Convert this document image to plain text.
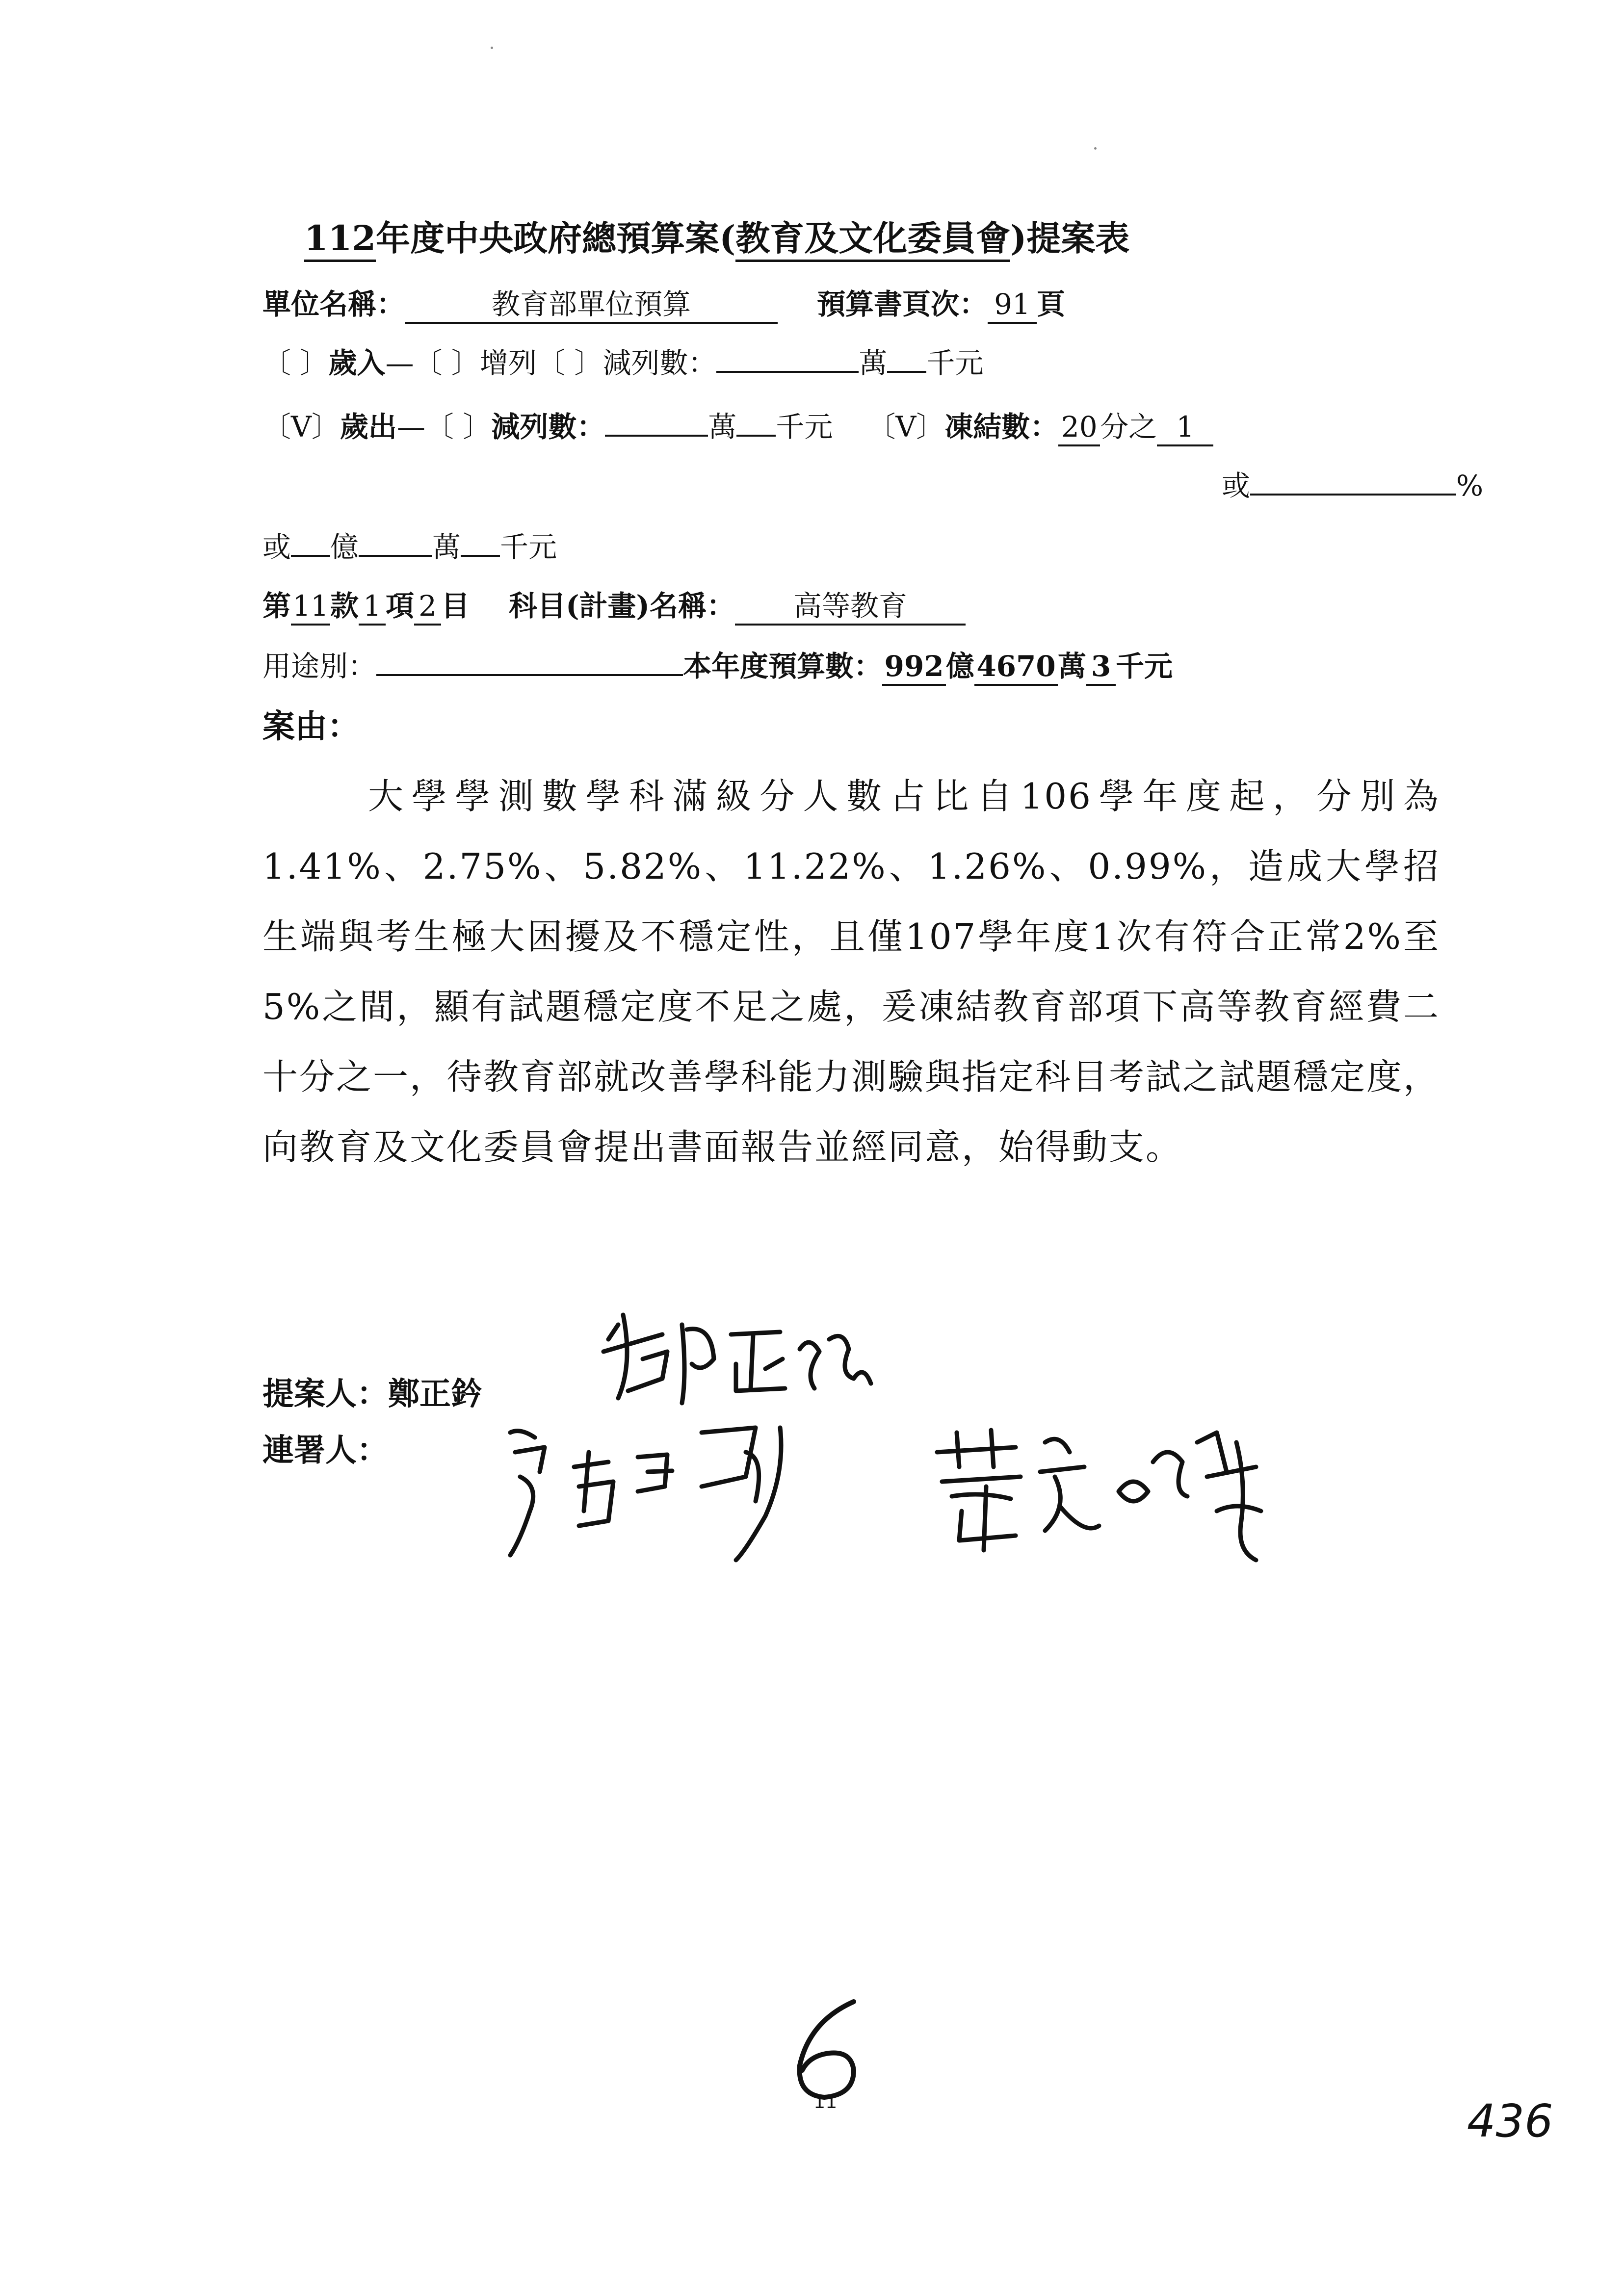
112年度中央政府總預算案(教育及文化委員會)提案表
單位名稱：	教育部單位預算	預算書頁次： 91 頁
〔 〕歲入—〔 〕增列〔 〕減列數：	萬 千元
〔V〕歲出—〔 〕減列數：	萬 千元 〔V〕凍結數：20分之 1
或	%
或 億	萬 千元
第11款 1 項 2 目 科目(計畫)名稱： 高等教育
用途別：	本年度預算數：992億4670萬 3 千元
案由：

大學學測數學科滿級分人數占比自106學年度起，分別為1.41%、2.75%、5.82%、11.22%、1.26%、0.99%，造成大學招生端與考生極大困擾及不穩定性，且僅107學年度1次有符合正常2%至5%之間，顯有試題穩定度不足之處，爰凍結教育部項下高等教育經費二十分之一，待教育部就改善學科能力測驗與指定科目考試之試題穩定度，向教育及文化委員會提出書面報告並經同意，始得動支。

提案人：鄭正鈐
連署人：
11	436
